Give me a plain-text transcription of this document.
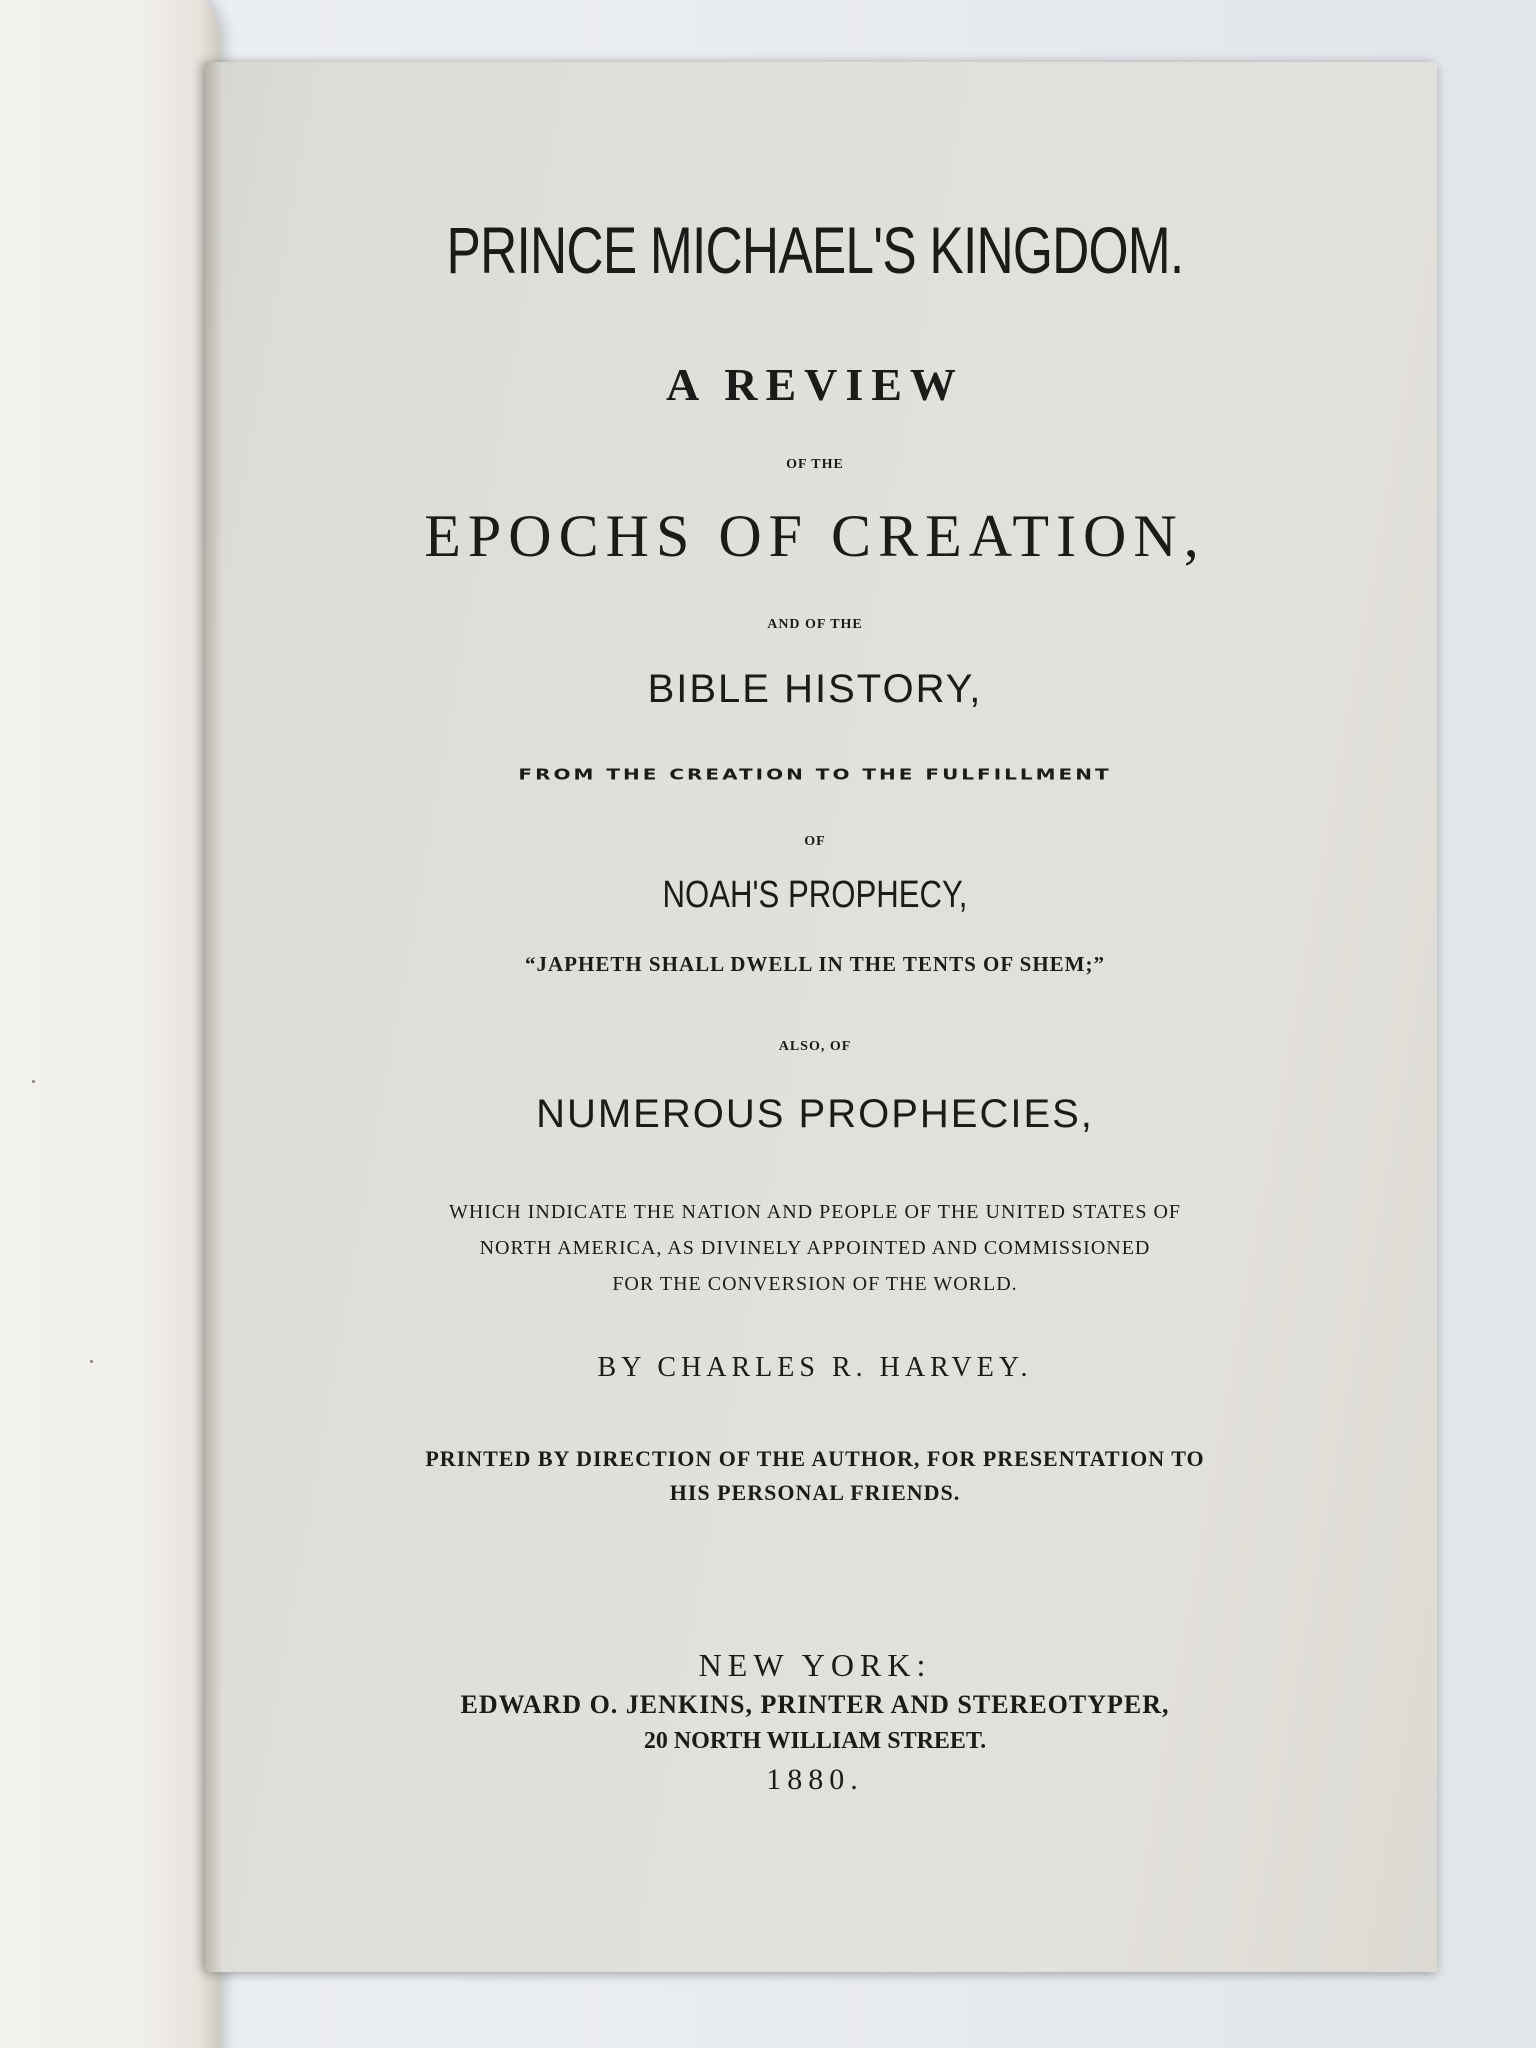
PRINCE MICHAEL'S KINGDOM.
A REVIEW
OF THE
EPOCHS OF CREATION,
AND OF THE
BIBLE HISTORY,
FROM THE CREATION TO THE FULFILLMENT
OF
NOAH'S PROPHECY,
“JAPHETH SHALL DWELL IN THE TENTS OF SHEM;”
ALSO, OF
NUMEROUS PROPHECIES,
WHICH INDICATE THE NATION AND PEOPLE OF THE UNITED STATES OF
NORTH AMERICA, AS DIVINELY APPOINTED AND COMMISSIONED
FOR THE CONVERSION OF THE WORLD.
BY CHARLES R. HARVEY.
PRINTED BY DIRECTION OF THE AUTHOR, FOR PRESENTATION TO
HIS PERSONAL FRIENDS.
NEW YORK:
EDWARD O. JENKINS, PRINTER AND STEREOTYPER,
20 NORTH WILLIAM STREET.
1880.
